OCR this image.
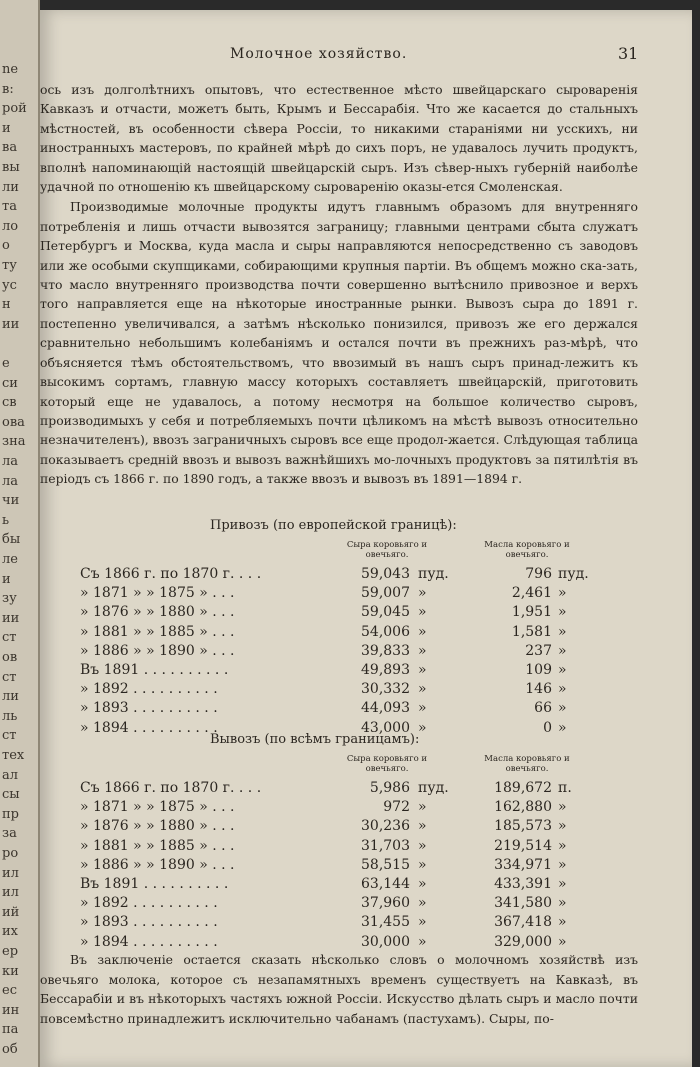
ne
в:
рой
и
ва
вы
ли
та
ло
о
ту
ус
н
ии
е
си
св
ова
зна
ла
ла
чи
ь
бы
ле
и
зу
ии
ст
ов
ст
ли
ль
ст
тех
ал
сы
пр
за
ро
ил
ил
ий
их
ер
ки
ес
ин
па
об
Молочное хозяйство.	31

ось изъ долголѣтнихъ опытовъ, что естественное мѣсто швейцарскаго сыроваренія Кавказъ и отчасти, можетъ быть, Крымъ и Бессарабія. Что же касается до стальныхъ мѣстностей, въ особенности сѣвера Россіи, то никакими стараніями ни усскихъ, ни иностранныхъ мастеровъ, по крайней мѣрѣ до сихъ поръ, не удавалось лучить продуктъ, вполнѣ напоминающій настоящій швейцарскій сыръ. Изъ сѣвер-ныхъ губерній наиболѣе удачной по отношенію къ швейцарскому сыроваренію оказы-ется Смоленская.

Производимые молочные продукты идутъ главнымъ образомъ для внутренняго потребленія и лишь отчасти вывозятся заграницу; главными центрами сбыта служатъ Петербургъ и Москва, куда масла и сыры направляются непосредственно съ заводовъ или же особыми скупщиками, собирающими крупныя партіи. Въ общемъ можно ска-зать, что масло внутренняго производства почти совершенно вытѣснило привозное и верхъ того направляется еще на нѣкоторые иностранные рынки. Вывозъ сыра до 1891 г. постепенно увеличивался, а затѣмъ нѣсколько понизился, привозъ же его держался сравнительно небольшимъ колебаніямъ и остался почти въ прежнихъ раз-мѣрѣ, что объясняется тѣмъ обстоятельствомъ, что ввозимый въ нашъ сыръ принад-лежитъ къ высокимъ сортамъ, главную массу которыхъ составляетъ швейцарскій, приготовить который еще не удавалось, а потому несмотря на большое количество сыровъ, производимыхъ у себя и потребляемыхъ почти цѣликомъ на мѣстѣ вывозъ относительно незначителенъ), ввозъ заграничныхъ сыровъ все еще продол-жается. Слѣдующая таблица показываетъ средній ввозъ и вывозъ важнѣйшихъ мо-лочныхъ продуктовъ за пятилѣтія въ періодъ съ 1866 г. по 1890 годъ, а также ввозъ и вывозъ въ 1891—1894 г.

Привозъ (по европейской границѣ):
Сыра коровьяго и овечьяго.
Масла коровьяго и овечьяго.
Съ 1866 г. по 1870 г. . . .	59,043 пуд.	796 пуд.
» 1871 » » 1875 » . . .	59,007 »	2,461 »
» 1876 » » 1880 » . . .	59,045 »	1,951 »
» 1881 » » 1885 » . . .	54,006 »	1,581 »
» 1886 » » 1890 » . . .	39,833 »	237 »
Въ 1891 . . . . . . . . . .	49,893 »	109 »
» 1892 . . . . . . . . . .	30,332 »	146 »
» 1893 . . . . . . . . . .	44,093 »	66 »
» 1894 . . . . . . . . . .	43,000 »	0 »
Вывозъ (по всѣмъ границамъ):
Сыра коровьяго и овечьяго.
Масла коровьяго и овечьяго.
Съ 1866 г. по 1870 г. . . .	5,986 пуд.	189,672 п.
» 1871 » » 1875 » . . .	972 »	162,880 »
» 1876 » » 1880 » . . .	30,236 »	185,573 »
» 1881 » » 1885 » . . .	31,703 »	219,514 »
» 1886 » » 1890 » . . .	58,515 »	334,971 »
Въ 1891 . . . . . . . . . .	63,144 »	433,391 »
» 1892 . . . . . . . . . .	37,960 »	341,580 »
» 1893 . . . . . . . . . .	31,455 »	367,418 »
» 1894 . . . . . . . . . .	30,000 »	329,000 »

Въ заключеніе остается сказать нѣсколько словъ о молочномъ хозяйствѣ изъ овечьяго молока, которое съ незапамятныхъ временъ существуетъ на Кавказѣ, въ Бессарабіи и въ нѣкоторыхъ частяхъ южной Россіи. Искусство дѣлать сыръ и масло почти повсемѣстно принадлежитъ исключительно чабанамъ (пастухамъ). Сыры, по-
